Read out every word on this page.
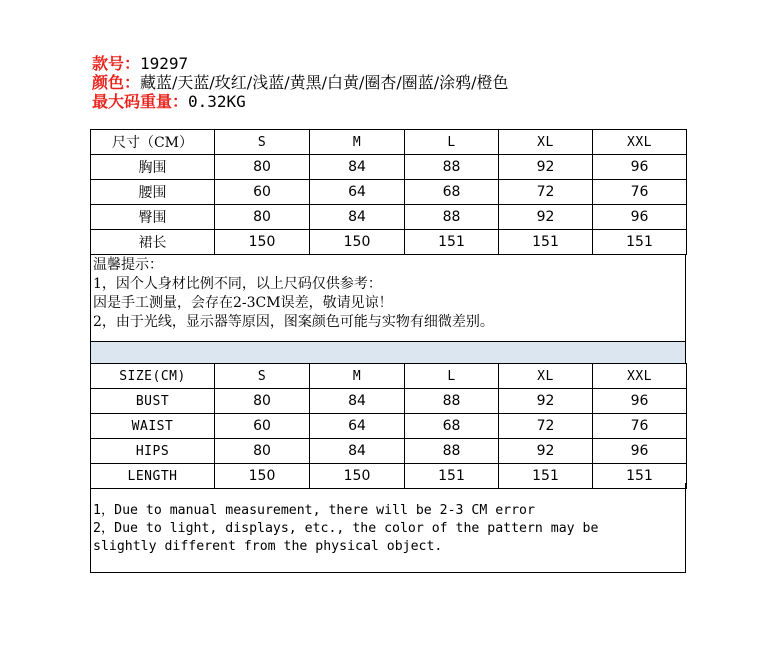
款号：19297
颜色：藏蓝/天蓝/玫红/浅蓝/黄黑/白黄/圈杏/圈蓝/涂鸦/橙色
最大码重量：0.32KG
尺寸（CM）	S	M	L	XL	XXL
胸围	80	84	88	92	96
腰围	60	64	68	72	76
臀围	80	84	88	92	96
裙长	150	150	151	151	151
温馨提示：
1，因个人身材比例不同，以上尺码仅供参考：
因是手工测量，会存在2-3CM误差，敬请见谅！
2，由于光线，显示器等原因，图案颜色可能与实物有细微差别。
SIZE(CM)	S	M	L	XL	XXL
BUST	80	84	88	92	96
WAIST	60	64	68	72	76
HIPS	80	84	88	92	96
LENGTH	150	150	151	151	151
1，Due to manual measurement, there will be 2-3 CM error
2，Due to light, displays, etc., the color of the pattern may be
slightly different from the physical object.
